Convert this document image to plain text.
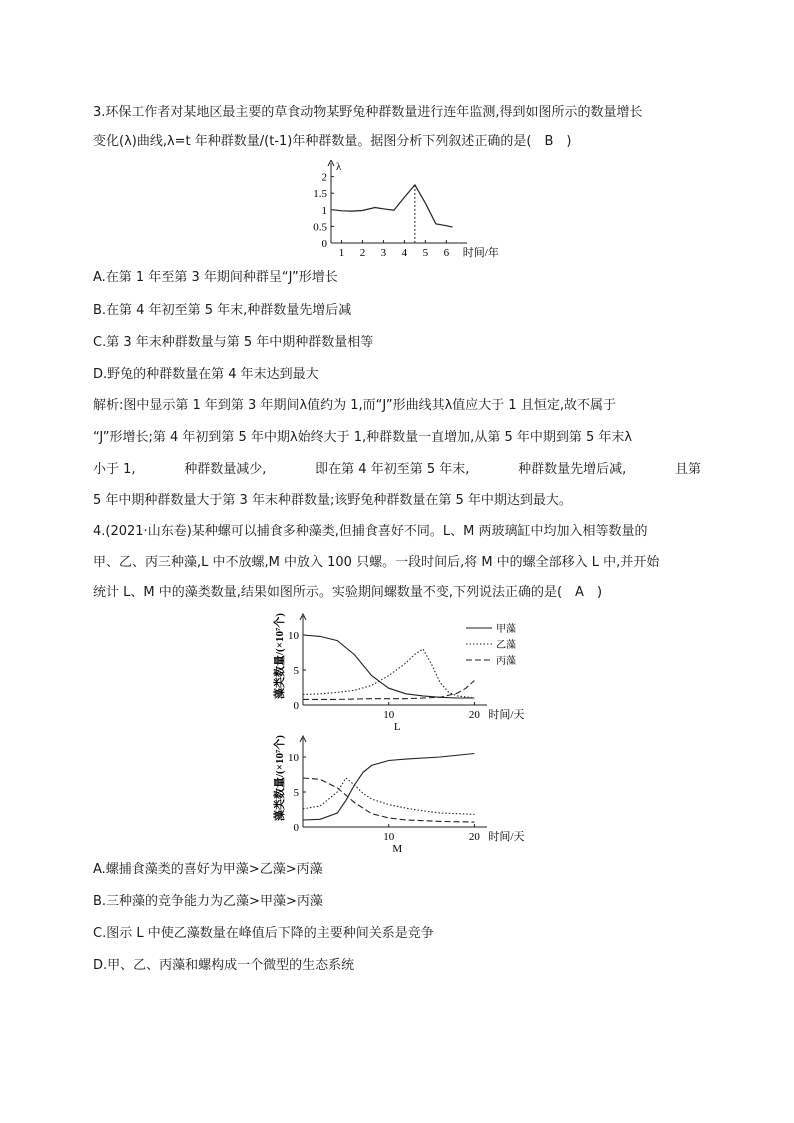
3.环保工作者对某地区最主要的草食动物某野兔种群数量进行连年监测,得到如图所示的数量增长
变化(λ)曲线,λ=t 年种群数量/(t-1)年种群数量。据图分析下列叙述正确的是(　B　)
λ
0
0.5
1
1.5
2
1 2 3 4 5 6 时间/年
A.在第 1 年至第 3 年期间种群呈“J”形增长
B.在第 4 年初至第 5 年末,种群数量先增后减
C.第 3 年末种群数量与第 5 年中期种群数量相等
D.野兔的种群数量在第 4 年末达到最大
解析:图中显示第 1 年到第 3 年期间λ值约为 1,而“J”形曲线其λ值应大于 1 且恒定,故不属于
“J”形增长;第 4 年初到第 5 年中期λ始终大于 1,种群数量一直增加,从第 5 年中期到第 5 年末λ
小于 1,	种群数量减少,	即在第 4 年初至第 5 年末,	种群数量先增后减,	且第
5 年中期种群数量大于第 3 年末种群数量;该野兔种群数量在第 5 年中期达到最大。
4.(2021·山东卷)某种螺可以捕食多种藻类,但捕食喜好不同。L、M 两玻璃缸中均加入相等数量的
甲、乙、丙三种藻,L 中不放螺,M 中放入 100 只螺。一段时间后,将 M 中的螺全部移入 L 中,并开始
统计 L、M 中的藻类数量,结果如图所示。实验期间螺数量不变,下列说法正确的是(　A　)
藻类数量/(×10⁷个)
0
5
10
10	20 时间/天
L
甲藻
乙藻
丙藻
藻类数量/(×10⁷个)
0
5
10
10	20 时间/天
M
A.螺捕食藻类的喜好为甲藻>乙藻>丙藻
B.三种藻的竞争能力为乙藻>甲藻>丙藻
C.图示 L 中使乙藻数量在峰值后下降的主要种间关系是竞争
D.甲、乙、丙藻和螺构成一个微型的生态系统
